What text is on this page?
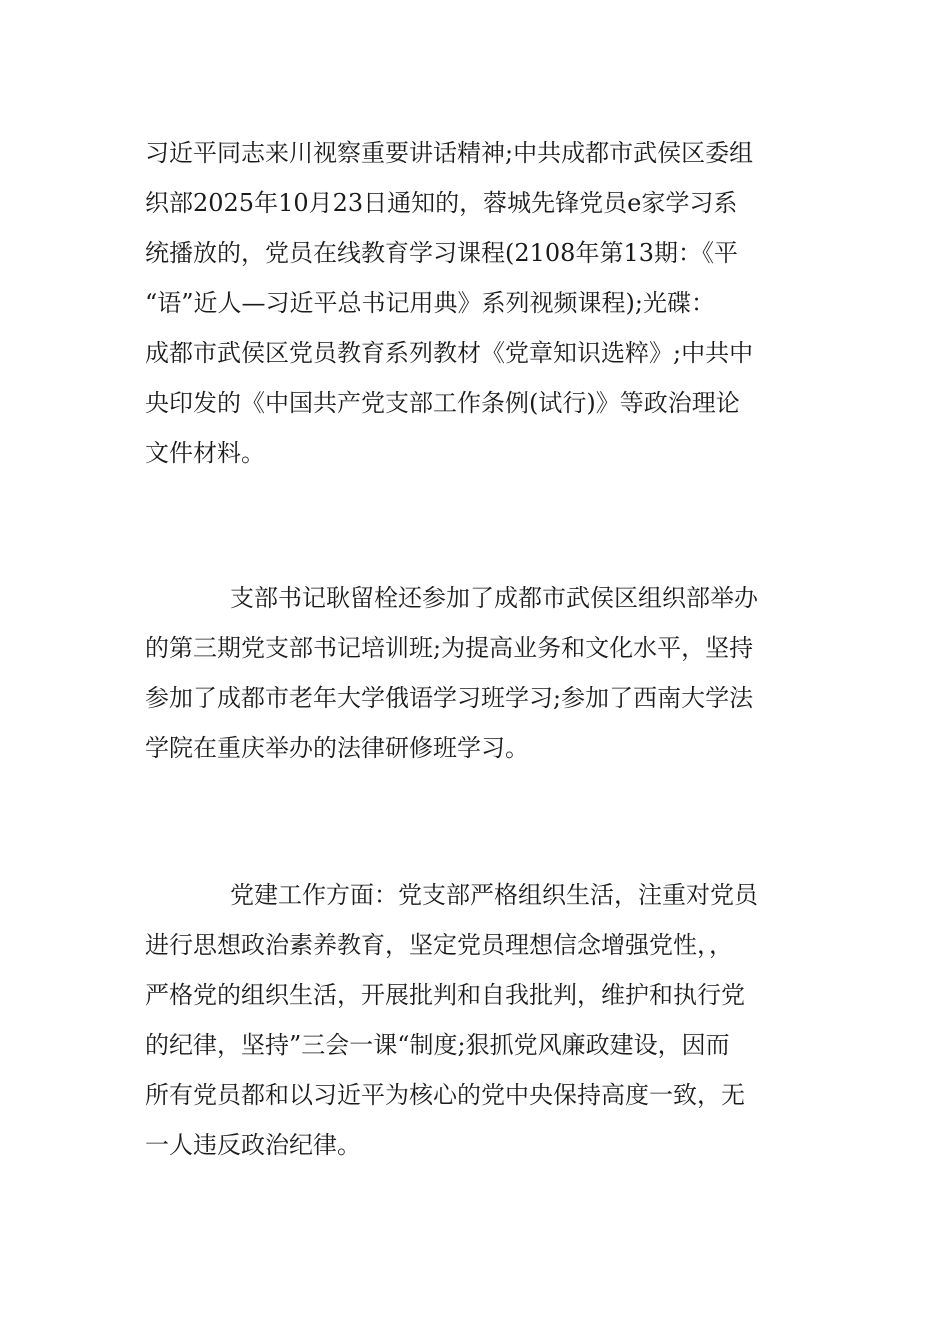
习近平同志来川视察重要讲话精神;中共成都市武侯区委组
织部2025年10月23日通知的，蓉城先锋党员e家学习系
统播放的，党员在线教育学习课程(2108年第13期：《平
“语”近人—习近平总书记用典》系列视频课程);光碟：
成都市武侯区党员教育系列教材《党章知识选粹》;中共中
央印发的《中国共产党支部工作条例(试行)》等政治理论
文件材料。
支部书记耿留栓还参加了成都市武侯区组织部举办
的第三期党支部书记培训班;为提高业务和文化水平，坚持
参加了成都市老年大学俄语学习班学习;参加了西南大学法
学院在重庆举办的法律研修班学习。
党建工作方面：党支部严格组织生活，注重对党员
进行思想政治素养教育，坚定党员理想信念增强党性，，
严格党的组织生活，开展批判和自我批判，维护和执行党
的纪律，坚持”三会一课“制度;狠抓党风廉政建设，因而
所有党员都和以习近平为核心的党中央保持高度一致，无
一人违反政治纪律。
